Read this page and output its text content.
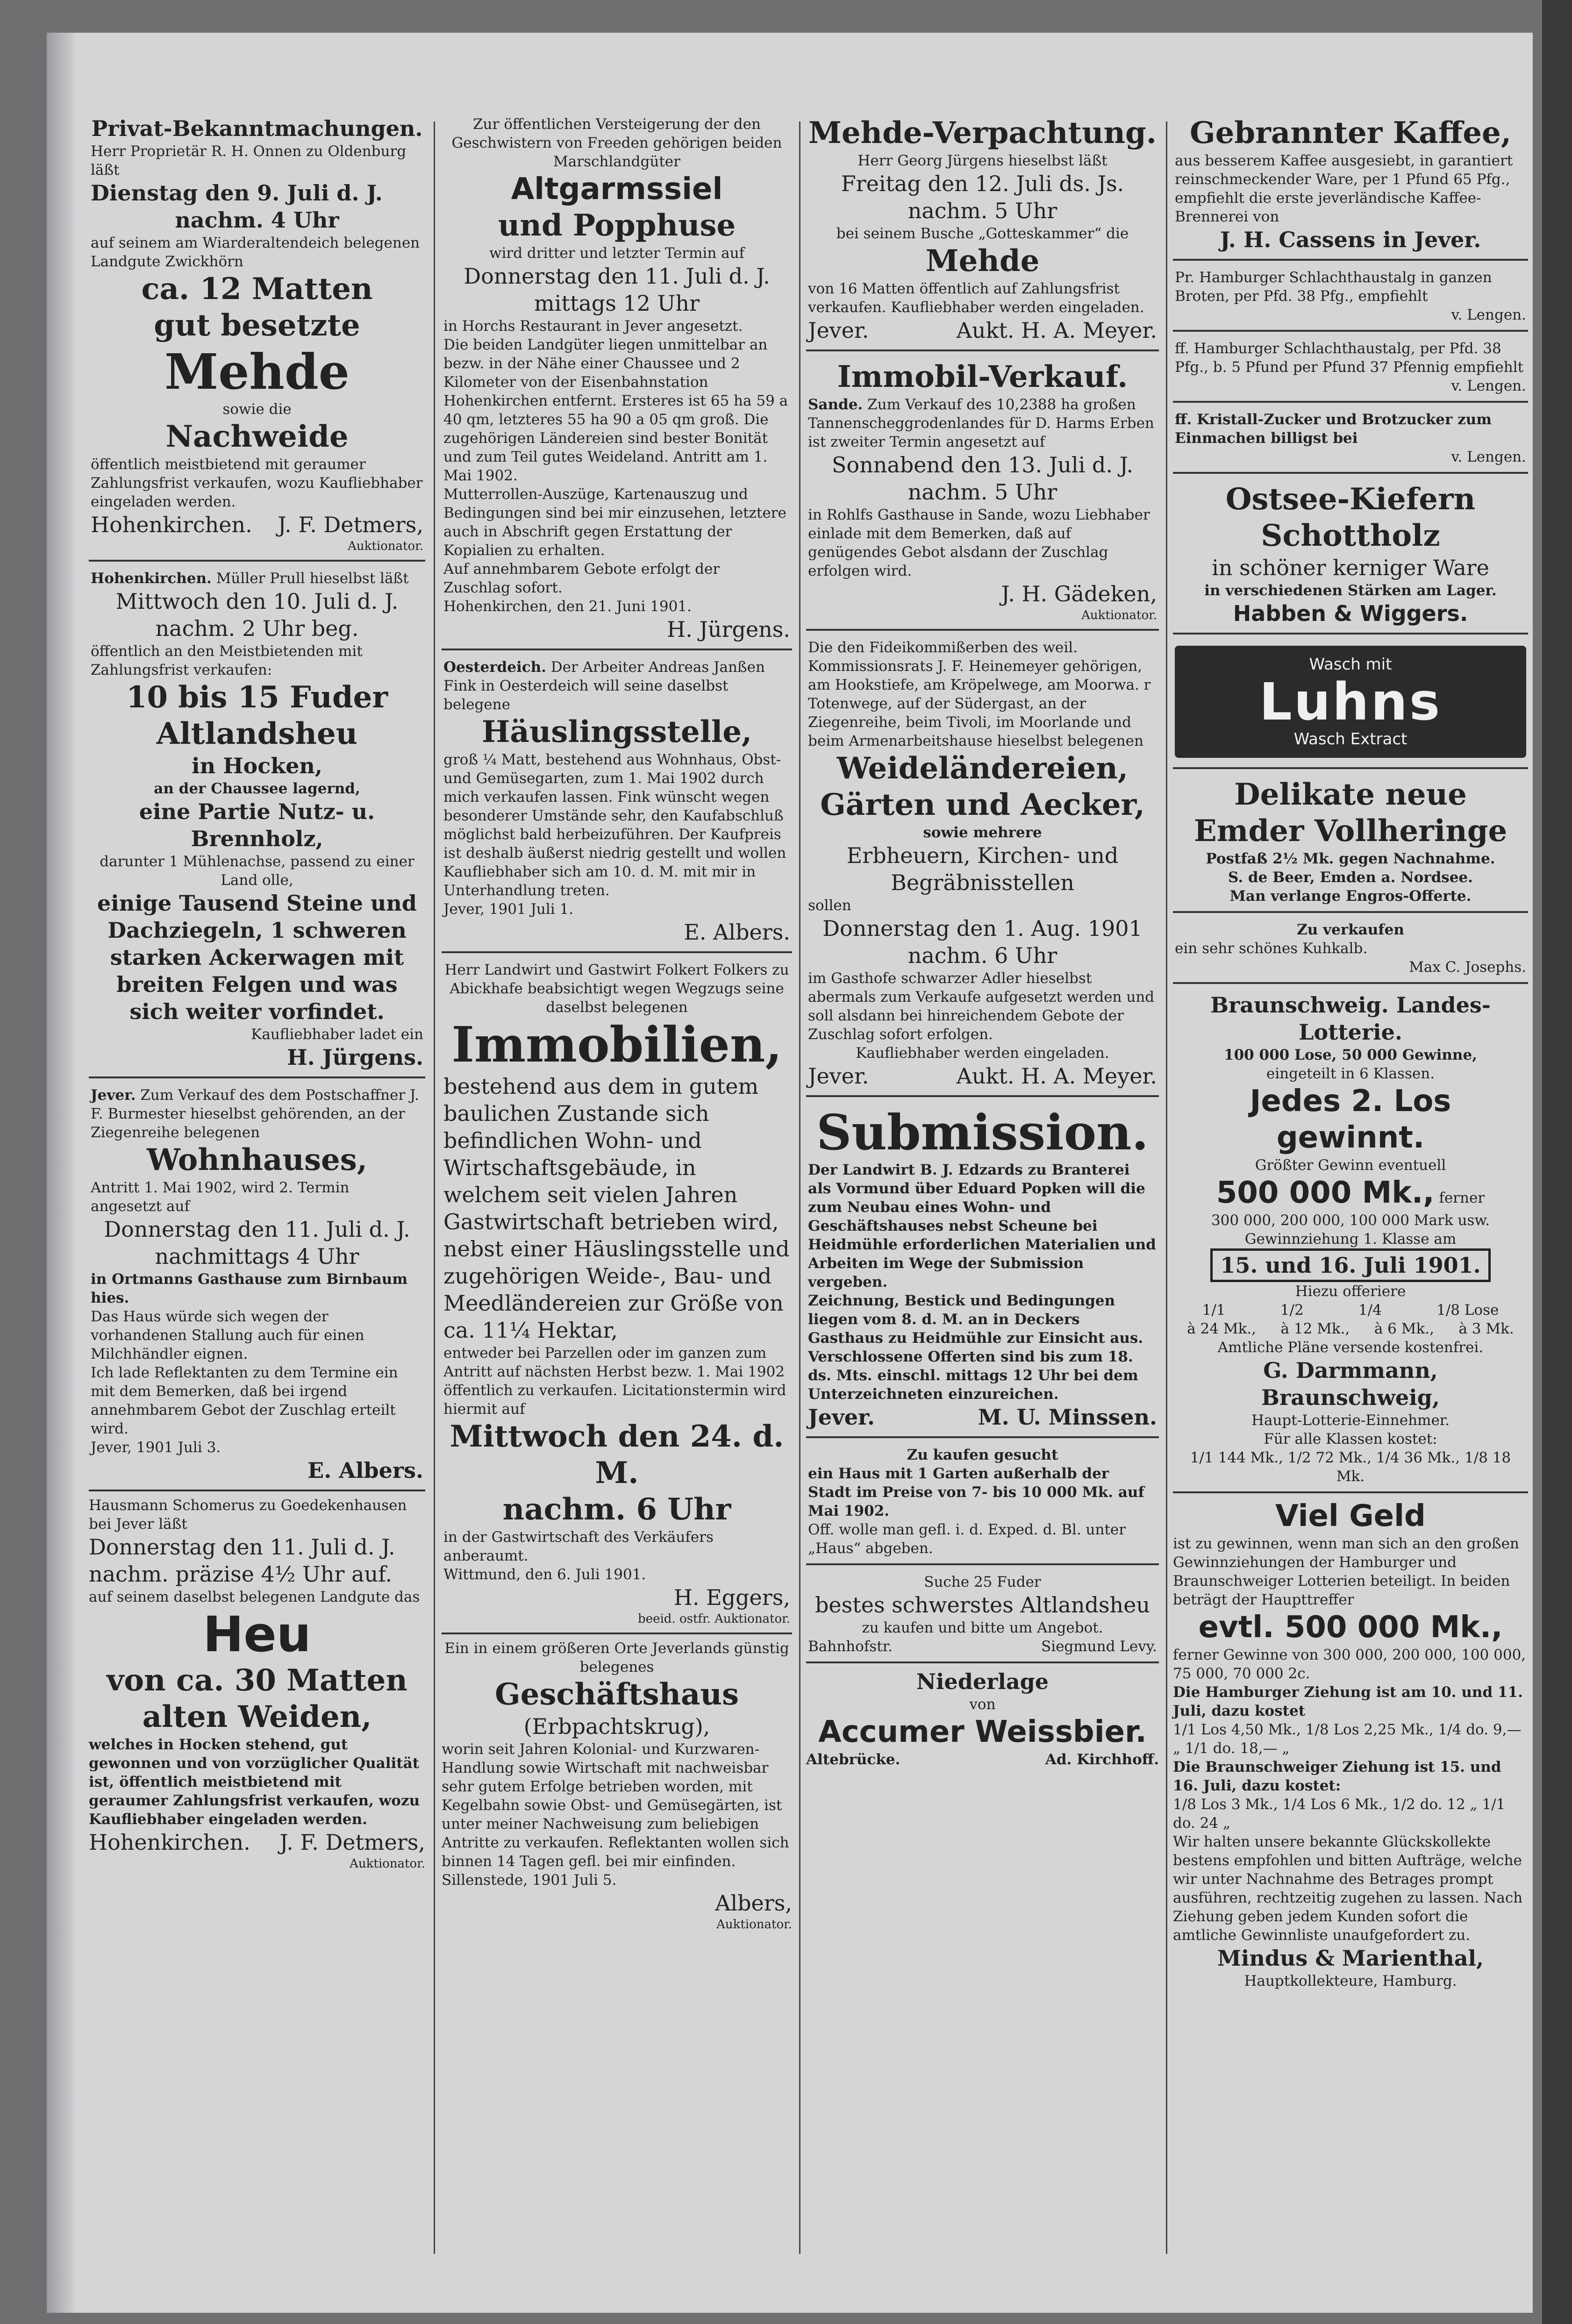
Privat-Bekanntmachungen.

Herr Proprietär R. H. Onnen zu Oldenburg läßt

Dienstag den 9. Juli d. J.

nachm. 4 Uhr

auf seinem am Wiarderaltendeich belegenen Landgute Zwickhörn

ca. 12 Matten

gut besetzte

Mehde

sowie die

Nachweide

öffentlich meistbietend mit geraumer Zahlungsfrist verkaufen, wozu Kaufliebhaber eingeladen werden.

Hohenkirchen. J. F. Detmers,

Auktionator.

Hohenkirchen. Müller Prull hieselbst läßt

Mittwoch den 10. Juli d. J.

nachm. 2 Uhr beg.

öffentlich an den Meistbietenden mit Zahlungsfrist verkaufen:

10 bis 15 Fuder

Altlandsheu

in Hocken,

an der Chaussee lagernd,

eine Partie Nutz- u. Brennholz,

darunter 1 Mühlenachse, passend zu einer Land olle,

einige Tausend Steine und Dachziegeln, 1 schweren starken Ackerwagen mit breiten Felgen und was sich weiter vorfindet.

Kaufliebhaber ladet ein

H. Jürgens.

Jever. Zum Verkauf des dem Postschaffner J. F. Burmester hieselbst gehörenden, an der Ziegenreihe belegenen

Wohnhauses,

Antritt 1. Mai 1902, wird 2. Termin angesetzt auf

Donnerstag den 11. Juli d. J.

nachmittags 4 Uhr

in Ortmanns Gasthause zum Birnbaum hies.

Das Haus würde sich wegen der vorhandenen Stallung auch für einen Milchhändler eignen.

Ich lade Reflektanten zu dem Termine ein mit dem Bemerken, daß bei irgend annehmbarem Gebot der Zuschlag erteilt wird.

Jever, 1901 Juli 3.

E. Albers.

Hausmann Schomerus zu Goedekenhausen bei Jever läßt

Donnerstag den 11. Juli d. J.

nachm. präzise 4½ Uhr auf.

auf seinem daselbst belegenen Landgute das

Heu

von ca. 30 Matten

alten Weiden,

welches in Hocken stehend, gut gewonnen und von vorzüglicher Qualität ist, öffentlich meistbietend mit geraumer Zahlungsfrist verkaufen, wozu Kaufliebhaber eingeladen werden.

Hohenkirchen. J. F. Detmers,

Auktionator.

Zur öffentlichen Versteigerung der den Geschwistern von Freeden gehörigen beiden Marschlandgüter

Altgarmssiel

und Popphuse

wird dritter und letzter Termin auf

Donnerstag den 11. Juli d. J.

mittags 12 Uhr

in Horchs Restaurant in Jever angesetzt.

Die beiden Landgüter liegen unmittelbar an bezw. in der Nähe einer Chaussee und 2 Kilometer von der Eisenbahnstation Hohenkirchen entfernt. Ersteres ist 65 ha 59 a 40 qm, letzteres 55 ha 90 a 05 qm groß. Die zugehörigen Ländereien sind bester Bonität und zum Teil gutes Weideland. Antritt am 1. Mai 1902.

Mutterrollen-Auszüge, Kartenauszug und Bedingungen sind bei mir einzusehen, letztere auch in Abschrift gegen Erstattung der Kopialien zu erhalten.

Auf annehmbarem Gebote erfolgt der Zuschlag sofort.

Hohenkirchen, den 21. Juni 1901.

H. Jürgens.

Oesterdeich. Der Arbeiter Andreas Janßen Fink in Oesterdeich will seine daselbst belegene

Häuslingsstelle,

groß ¼ Matt, bestehend aus Wohnhaus, Obst- und Gemüsegarten, zum 1. Mai 1902 durch mich verkaufen lassen. Fink wünscht wegen besonderer Umstände sehr, den Kaufabschluß möglichst bald herbeizuführen. Der Kaufpreis ist deshalb äußerst niedrig gestellt und wollen Kaufliebhaber sich am 10. d. M. mit mir in Unterhandlung treten.

Jever, 1901 Juli 1.

E. Albers.

Herr Landwirt und Gastwirt Folkert Folkers zu Abickhafe beabsichtigt wegen Wegzugs seine daselbst belegenen

Immobilien,

bestehend aus dem in gutem baulichen Zustande sich befindlichen Wohn- und Wirtschaftsgebäude, in welchem seit vielen Jahren Gastwirtschaft betrieben wird, nebst einer Häuslingsstelle und zugehörigen Weide-, Bau- und Meedländereien zur Größe von ca. 11¼ Hektar,

entweder bei Parzellen oder im ganzen zum Antritt auf nächsten Herbst bezw. 1. Mai 1902 öffentlich zu verkaufen. Licitationstermin wird hiermit auf

Mittwoch den 24. d. M.

nachm. 6 Uhr

in der Gastwirtschaft des Verkäufers anberaumt.

Wittmund, den 6. Juli 1901.

H. Eggers,

beeid. ostfr. Auktionator.

Ein in einem größeren Orte Jeverlands günstig belegenes

Geschäftshaus

(Erbpachtskrug),

worin seit Jahren Kolonial- und Kurzwaren-Handlung sowie Wirtschaft mit nachweisbar sehr gutem Erfolge betrieben worden, mit Kegelbahn sowie Obst- und Gemüsegärten, ist unter meiner Nachweisung zum beliebigen Antritte zu verkaufen. Reflektanten wollen sich binnen 14 Tagen gefl. bei mir einfinden.

Sillenstede, 1901 Juli 5.

Albers,

Auktionator.

Mehde-Verpachtung.

Herr Georg Jürgens hieselbst läßt

Freitag den 12. Juli ds. Js.

nachm. 5 Uhr

bei seinem Busche „Gotteskammer“ die

Mehde

von 16 Matten öffentlich auf Zahlungsfrist verkaufen. Kaufliebhaber werden eingeladen.

Jever.	Aukt. H. A. Meyer.

Immobil-Verkauf.

Sande. Zum Verkauf des 10,2388 ha großen Tannenscheggrodenlandes für D. Harms Erben ist zweiter Termin angesetzt auf

Sonnabend den 13. Juli d. J.

nachm. 5 Uhr

in Rohlfs Gasthause in Sande, wozu Liebhaber einlade mit dem Bemerken, daß auf genügendes Gebot alsdann der Zuschlag erfolgen wird.

J. H. Gädeken,

Auktionator.

Die den Fideikommißerben des weil. Kommissionsrats J. F. Heinemeyer gehörigen, am Hookstiefe, am Kröpelwege, am Moorwa. r Totenwege, auf der Südergast, an der Ziegenreihe, beim Tivoli, im Moorlande und beim Armenarbeitshause hieselbst belegenen

Weideländereien,

Gärten und Aecker,

sowie mehrere

Erbheuern, Kirchen- und

Begräbnisstellen

sollen

Donnerstag den 1. Aug. 1901

nachm. 6 Uhr

im Gasthofe schwarzer Adler hieselbst abermals zum Verkaufe aufgesetzt werden und soll alsdann bei hinreichendem Gebote der Zuschlag sofort erfolgen.

Kaufliebhaber werden eingeladen.

Jever.	Aukt. H. A. Meyer.

Submission.

Der Landwirt B. J. Edzards zu Branterei als Vormund über Eduard Popken will die zum Neubau eines Wohn- und Geschäftshauses nebst Scheune bei Heidmühle erforderlichen Materialien und Arbeiten im Wege der Submission vergeben.

Zeichnung, Bestick und Bedingungen liegen vom 8. d. M. an in Deckers Gasthaus zu Heidmühle zur Einsicht aus. Verschlossene Offerten sind bis zum 18. ds. Mts. einschl. mittags 12 Uhr bei dem Unterzeichneten einzureichen.

Jever.	M. U. Minssen.

Zu kaufen gesucht

ein Haus mit 1 Garten außerhalb der Stadt im Preise von 7- bis 10 000 Mk. auf Mai 1902.

Off. wolle man gefl. i. d. Exped. d. Bl. unter „Haus“ abgeben.

Suche 25 Fuder

bestes schwerstes Altlandsheu

zu kaufen und bitte um Angebot.

Bahnhofstr.	Siegmund Levy.

Niederlage

von

Accumer Weissbier.

Altebrücke.	Ad. Kirchhoff.

Gebrannter Kaffee,

aus besserem Kaffee ausgesiebt, in garantiert reinschmeckender Ware, per 1 Pfund 65 Pfg., empfiehlt die erste jeverländische Kaffee-Brennerei von

J. H. Cassens in Jever.

Pr. Hamburger Schlachthaustalg in ganzen Broten, per Pfd. 38 Pfg., empfiehlt

v. Lengen.

ff. Hamburger Schlachthaustalg, per Pfd. 38 Pfg., b. 5 Pfund per Pfund 37 Pfennig empfiehlt

v. Lengen.

ff. Kristall-Zucker und Brotzucker zum Einmachen billigst bei

v. Lengen.

Ostsee-Kiefern

Schottholz

in schöner kerniger Ware

in verschiedenen Stärken am Lager.

Habben & Wiggers.

Wasch mit
Luhns
Wasch Extract

Delikate neue

Emder Vollheringe

Postfaß 2½ Mk. gegen Nachnahme.

S. de Beer, Emden a. Nordsee.

Man verlange Engros-Offerte.

Zu verkaufen

ein sehr schönes Kuhkalb.

Max C. Josephs.

Braunschweig. Landes-Lotterie.

100 000 Lose, 50 000 Gewinne,

eingeteilt in 6 Klassen.

Jedes 2. Los gewinnt.

Größter Gewinn eventuell

500 000 Mk., ferner

300 000, 200 000, 100 000 Mark usw.

Gewinnziehung 1. Klasse am

15. und 16. Juli 1901.

Hiezu offeriere

1/1	1/2	1/4	1/8 Lose
à 24 Mk., à 12 Mk., à 6 Mk., à 3 Mk.

Amtliche Pläne versende kostenfrei.

G. Darmmann, Braunschweig,

Haupt-Lotterie-Einnehmer.

Für alle Klassen kostet:

1/1 144 Mk., 1/2 72 Mk., 1/4 36 Mk., 1/8 18 Mk.

Viel Geld

ist zu gewinnen, wenn man sich an den großen Gewinnziehungen der Hamburger und Braunschweiger Lotterien beteiligt. In beiden beträgt der Haupttreffer

evtl. 500 000 Mk.,

ferner Gewinne von 300 000, 200 000, 100 000, 75 000, 70 000 2c.

Die Hamburger Ziehung ist am 10. und 11. Juli, dazu kostet

1/1 Los 4,50 Mk., 1/8 Los 2,25 Mk., 1/4 do. 9,— „ 1/1 do. 18,— „

Die Braunschweiger Ziehung ist 15. und 16. Juli, dazu kostet:

1/8 Los 3 Mk., 1/4 Los 6 Mk., 1/2 do. 12 „ 1/1 do. 24 „

Wir halten unsere bekannte Glückskollekte bestens empfohlen und bitten Aufträge, welche wir unter Nachnahme des Betrages prompt ausführen, rechtzeitig zugehen zu lassen. Nach Ziehung geben jedem Kunden sofort die amtliche Gewinnliste unaufgefordert zu.

Mindus & Marienthal,

Hauptkollekteure, Hamburg.
